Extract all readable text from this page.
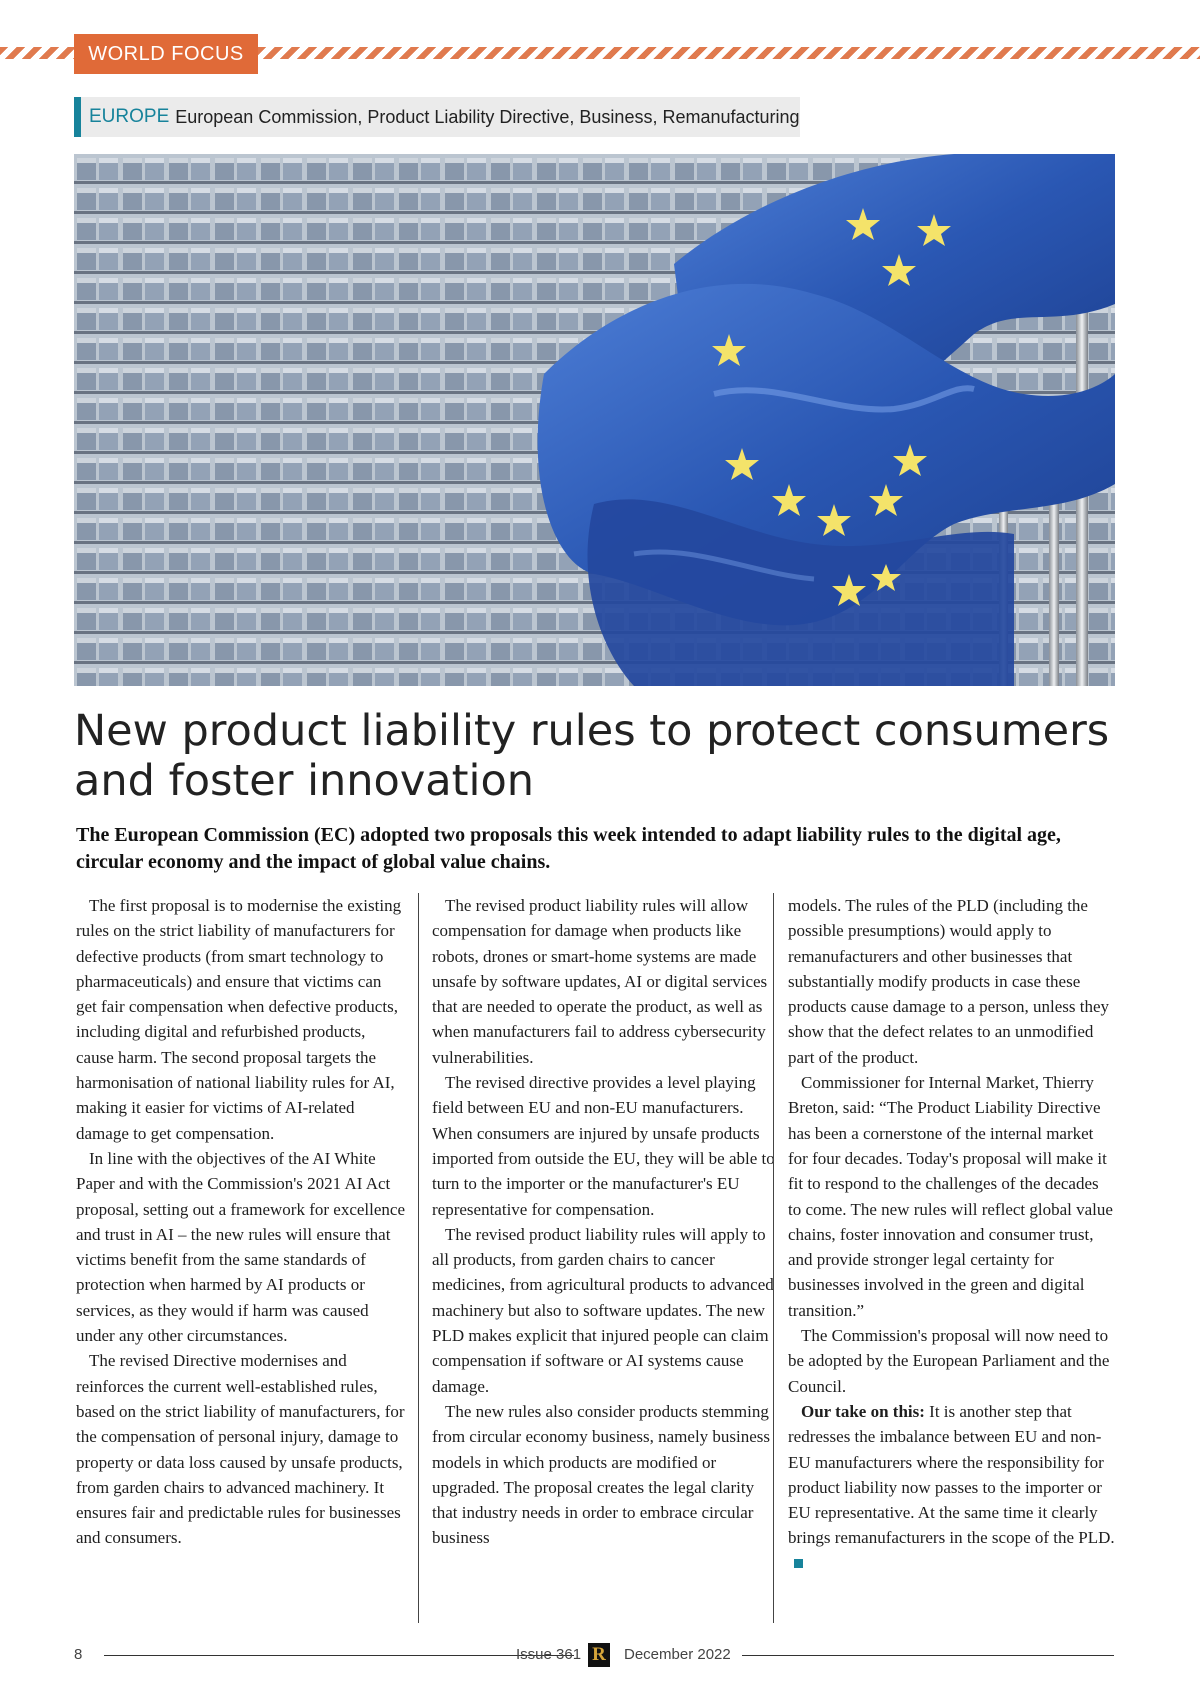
WORLD FOCUS
EUROPE European Commission, Product Liability Directive, Business, Remanufacturing
New product liability rules to protect consumers
and foster innovation

The European Commission (EC) adopted two proposals this week intended to adapt liability rules to the digital age, circular economy and the impact of global value chains.

The first proposal is to modernise the existing rules on the strict liability of manufacturers for defective products (from smart technology to pharmaceuticals) and ensure that victims can get fair compensation when defective products, including digital and refurbished products, cause harm. The second proposal targets the harmonisation of national liability rules for AI, making it easier for victims of AI-related damage to get compensation.

In line with the objectives of the AI White Paper and with the Commission's 2021 AI Act proposal, setting out a framework for excellence and trust in AI – the new rules will ensure that victims benefit from the same standards of protection when harmed by AI products or services, as they would if harm was caused under any other circumstances.

The revised Directive modernises and reinforces the current well-established rules, based on the strict liability of manufacturers, for the compensation of personal injury, damage to property or data loss caused by unsafe products, from garden chairs to advanced machinery. It ensures fair and predictable rules for businesses and consumers.

The revised product liability rules will allow compensation for damage when products like robots, drones or smart-home systems are made unsafe by software updates, AI or digital services that are needed to operate the product, as well as when manufacturers fail to address cybersecurity vulnerabilities.

The revised directive provides a level playing field between EU and non-EU manufacturers. When consumers are injured by unsafe products imported from outside the EU, they will be able to turn to the importer or the manufacturer's EU representative for compensation.

The revised product liability rules will apply to all products, from garden chairs to cancer medicines, from agricultural products to advanced machinery but also to software updates. The new PLD makes explicit that injured people can claim compensation if software or AI systems cause damage.

The new rules also consider products stemming from circular economy business, namely business models in which products are modified or upgraded. The proposal creates the legal clarity that industry needs in order to embrace circular business

models. The rules of the PLD (including the possible presumptions) would apply to remanufacturers and other businesses that substantially modify products in case these products cause damage to a person, unless they show that the defect relates to an unmodified part of the product.

Commissioner for Internal Market, Thierry Breton, said: “The Product Liability Directive has been a cornerstone of the internal market for four decades. Today's proposal will make it fit to respond to the challenges of the decades to come. The new rules will reflect global value chains, foster innovation and consumer trust, and provide stronger legal certainty for businesses involved in the green and digital transition.”

The Commission's proposal will now need to be adopted by the European Parliament and the Council.

Our take on this: It is another step that redresses the imbalance between EU and non-EU manufacturers where the responsibility for product liability now passes to the importer or EU representative. At the same time it clearly brings remanufacturers in the scope of the PLD.

8	Issue 361 R December 2022
